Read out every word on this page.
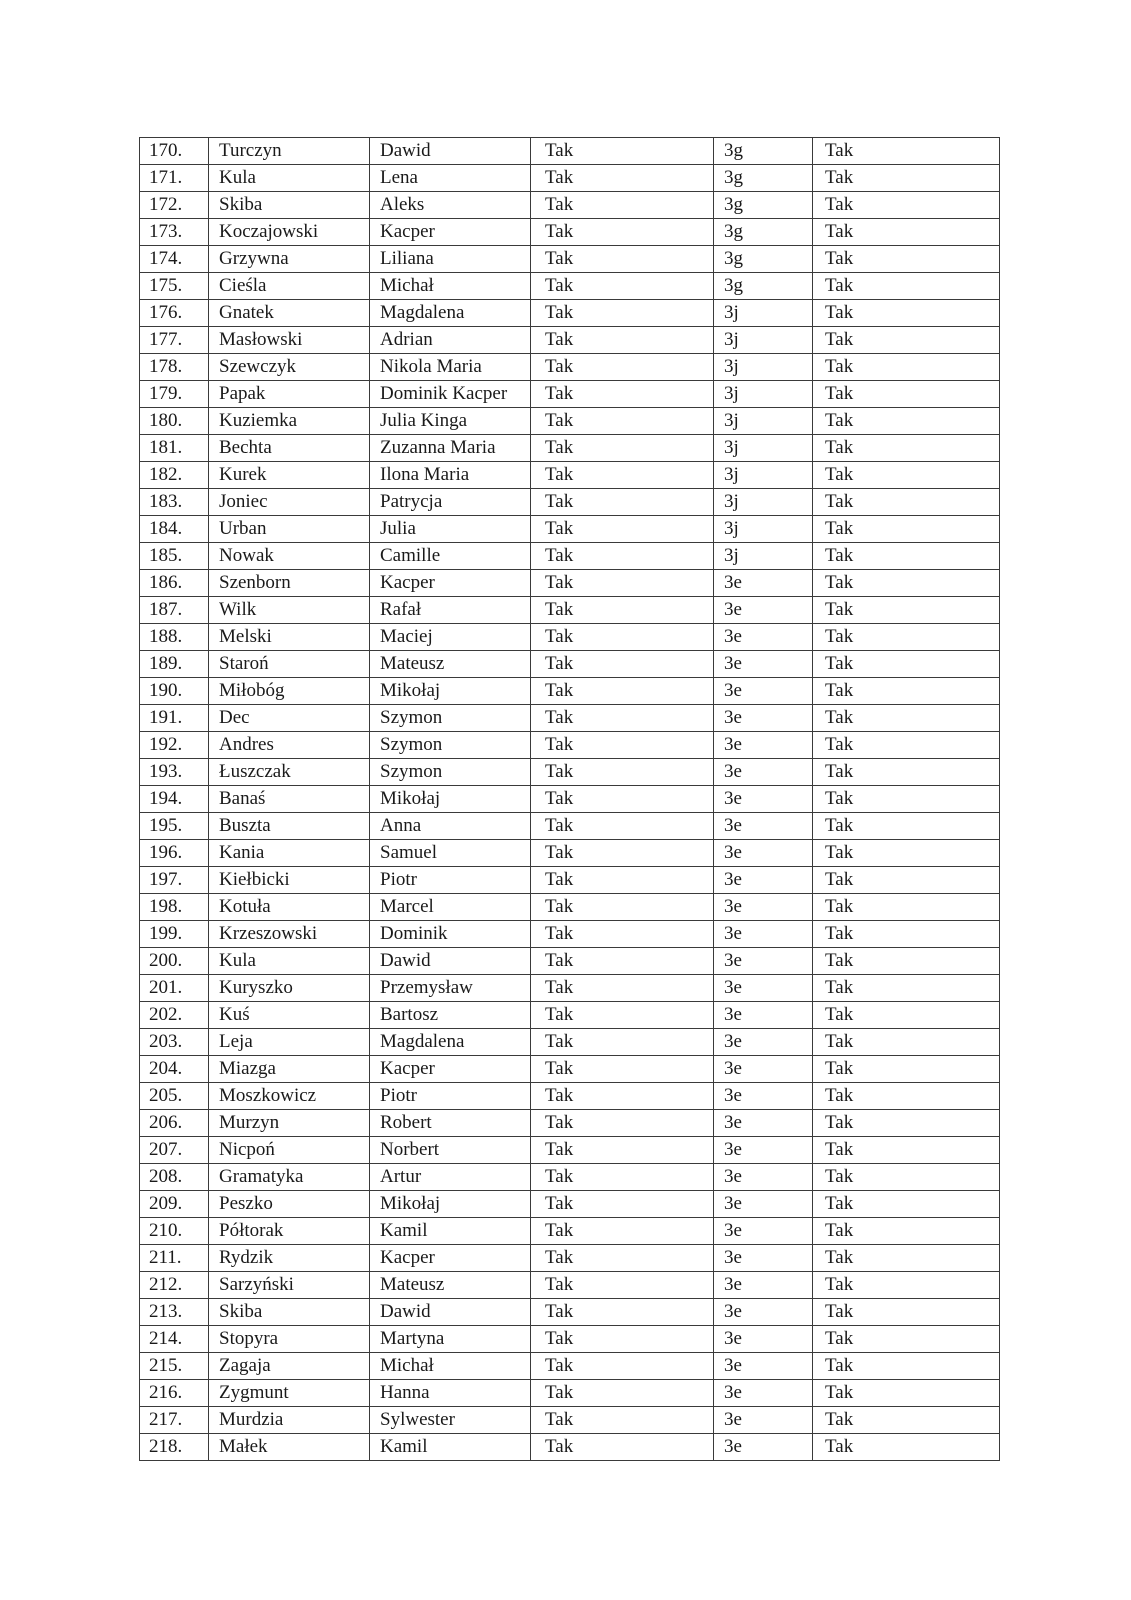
170.	Turczyn	Dawid	Tak	3g	Tak
171.	Kula	Lena	Tak	3g	Tak
172.	Skiba	Aleks	Tak	3g	Tak
173.	Koczajowski	Kacper	Tak	3g	Tak
174.	Grzywna	Liliana	Tak	3g	Tak
175.	Cieśla	Michał	Tak	3g	Tak
176.	Gnatek	Magdalena	Tak	3j	Tak
177.	Masłowski	Adrian	Tak	3j	Tak
178.	Szewczyk	Nikola Maria	Tak	3j	Tak
179.	Papak	Dominik Kacper	Tak	3j	Tak
180.	Kuziemka	Julia Kinga	Tak	3j	Tak
181.	Bechta	Zuzanna Maria	Tak	3j	Tak
182.	Kurek	Ilona Maria	Tak	3j	Tak
183.	Joniec	Patrycja	Tak	3j	Tak
184.	Urban	Julia	Tak	3j	Tak
185.	Nowak	Camille	Tak	3j	Tak
186.	Szenborn	Kacper	Tak	3e	Tak
187.	Wilk	Rafał	Tak	3e	Tak
188.	Melski	Maciej	Tak	3e	Tak
189.	Staroń	Mateusz	Tak	3e	Tak
190.	Miłobóg	Mikołaj	Tak	3e	Tak
191.	Dec	Szymon	Tak	3e	Tak
192.	Andres	Szymon	Tak	3e	Tak
193.	Łuszczak	Szymon	Tak	3e	Tak
194.	Banaś	Mikołaj	Tak	3e	Tak
195.	Buszta	Anna	Tak	3e	Tak
196.	Kania	Samuel	Tak	3e	Tak
197.	Kiełbicki	Piotr	Tak	3e	Tak
198.	Kotuła	Marcel	Tak	3e	Tak
199.	Krzeszowski	Dominik	Tak	3e	Tak
200.	Kula	Dawid	Tak	3e	Tak
201.	Kuryszko	Przemysław	Tak	3e	Tak
202.	Kuś	Bartosz	Tak	3e	Tak
203.	Leja	Magdalena	Tak	3e	Tak
204.	Miazga	Kacper	Tak	3e	Tak
205.	Moszkowicz	Piotr	Tak	3e	Tak
206.	Murzyn	Robert	Tak	3e	Tak
207.	Nicpoń	Norbert	Tak	3e	Tak
208.	Gramatyka	Artur	Tak	3e	Tak
209.	Peszko	Mikołaj	Tak	3e	Tak
210.	Półtorak	Kamil	Tak	3e	Tak
211.	Rydzik	Kacper	Tak	3e	Tak
212.	Sarzyński	Mateusz	Tak	3e	Tak
213.	Skiba	Dawid	Tak	3e	Tak
214.	Stopyra	Martyna	Tak	3e	Tak
215.	Zagaja	Michał	Tak	3e	Tak
216.	Zygmunt	Hanna	Tak	3e	Tak
217.	Murdzia	Sylwester	Tak	3e	Tak
218.	Małek	Kamil	Tak	3e	Tak
